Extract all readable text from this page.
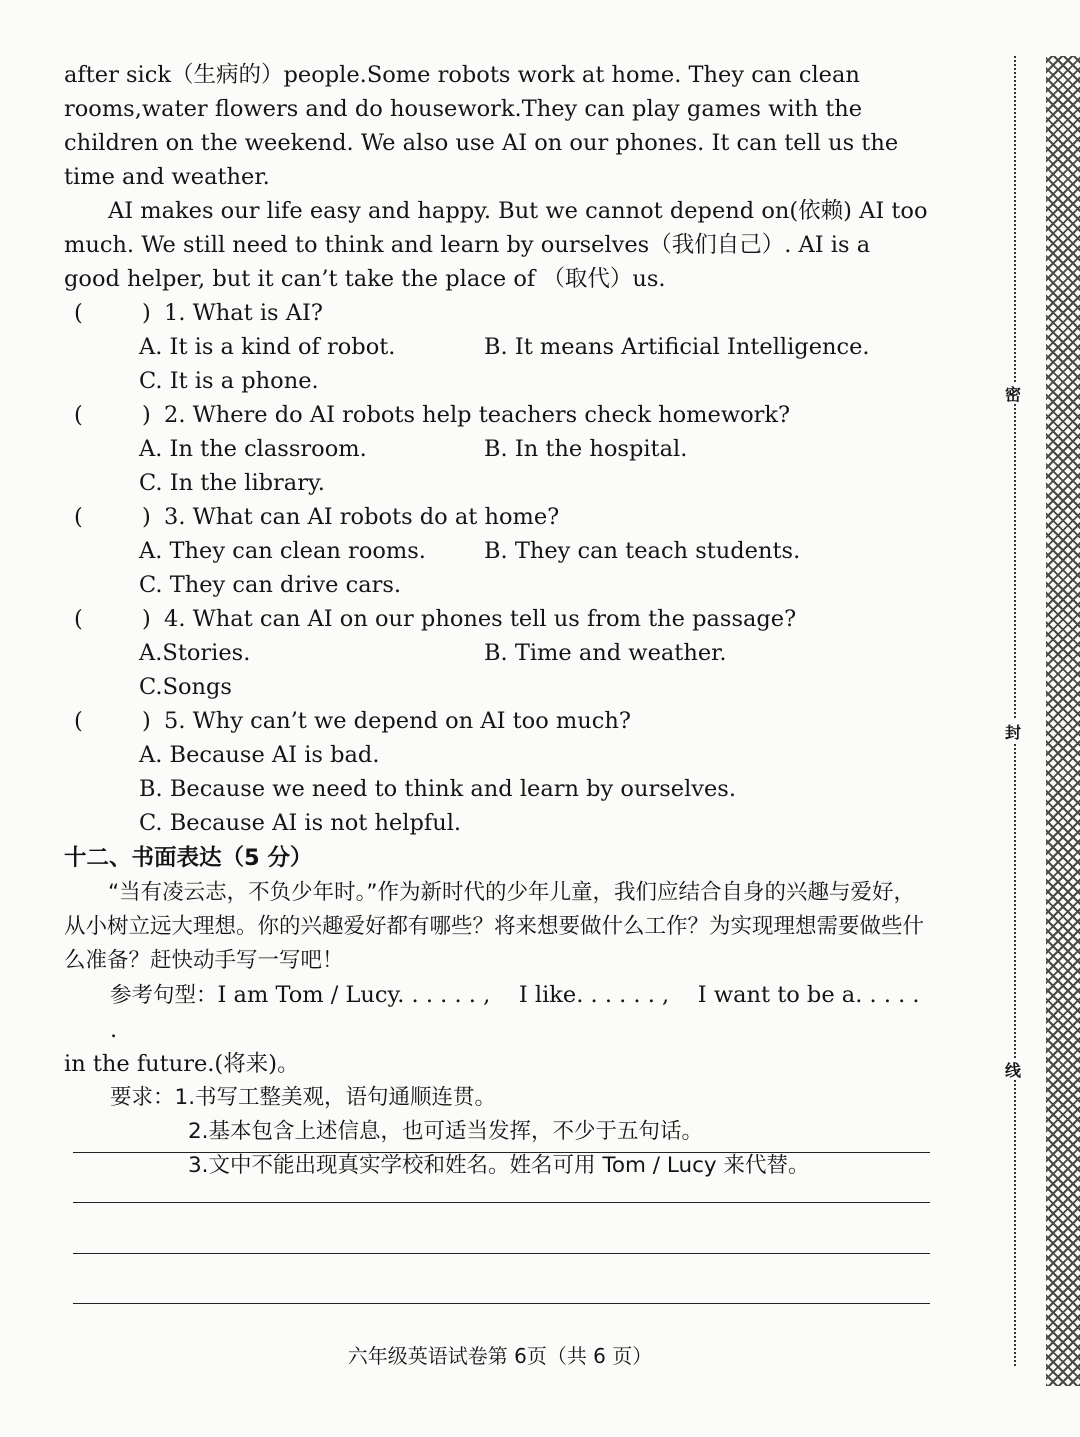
after sick（生病的）people.Some robots work at home. They can clean rooms,water flowers and do housework.They can play games with the children on the weekend. We also use AI on our phones. It can tell us the time and weather.

AI makes our life easy and happy. But we cannot depend on(依赖) AI too much. We still need to think and learn by ourselves（我们自己）. AI is a good helper, but it can’t take the place of （取代）us.

(	) 1. What is AI?
A. It is a kind of robot.	B. It means Artificial Intelligence.
C. It is a phone.
(	) 2. Where do AI robots help teachers check homework?
A. In the classroom.	B. In the hospital.
C. In the library.
(	) 3. What can AI robots do at home?
A. They can clean rooms.	B. They can teach students.
C. They can drive cars.
(	) 4. What can AI on our phones tell us from the passage?
A.Stories.	B. Time and weather.
C.Songs
(	) 5. Why can’t we depend on AI too much?
A. Because AI is bad.
B. Because we need to think and learn by ourselves.
C. Because AI is not helpful.
十二、书面表达（5 分）

“当有凌云志，不负少年时。”作为新时代的少年儿童，我们应结合自身的兴趣与爱好，从小树立远大理想。你的兴趣爱好都有哪些？将来想要做什么工作？为实现理想需要做些什么准备？赶快动手写一写吧！

参考句型：I am Tom / Lucy. . . . . . , I like. . . . . . , I want to be a. . . . . .
in the future.(将来)。
要求：1.书写工整美观，语句通顺连贯。
2.基本包含上述信息，也可适当发挥，不少于五句话。
3.文中不能出现真实学校和姓名。姓名可用 Tom / Lucy 来代替。
六年级英语试卷第 6页（共 6 页）
密
封
线
